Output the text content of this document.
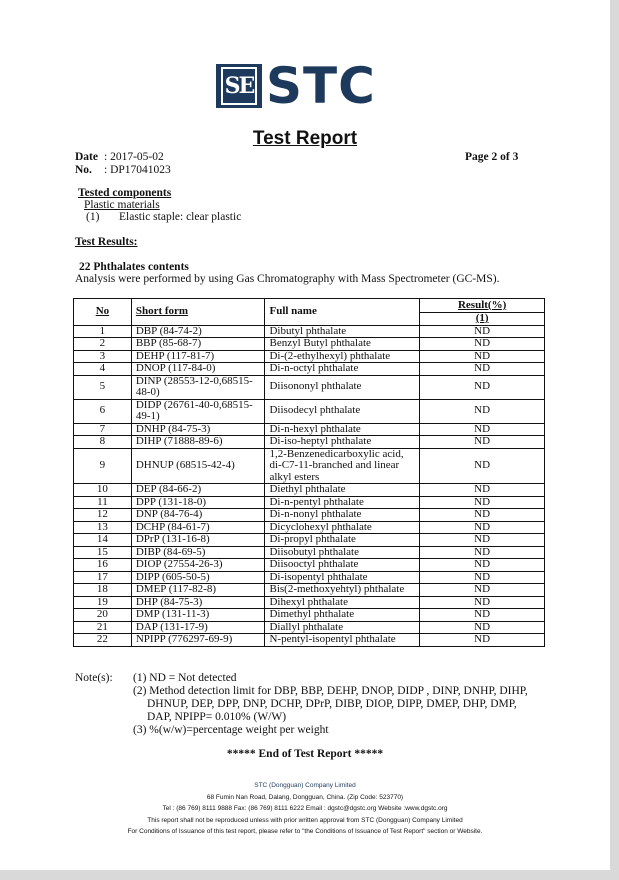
SE STC
Test Report
Date : 2017-05-02
No. : DP17041023
Page 2 of 3
Tested components
Plastic materials
(1) Elastic staple: clear plastic
Test Results:
22 Phthalates contents
Analysis were performed by using Gas Chromatography with Mass Spectrometer (GC-MS).
No	Short form	Full name	Result(%)
			(1)
1	DBP (84-74-2)	Dibutyl phthalate	ND
2	BBP (85-68-7)	Benzyl Butyl phthalate	ND
3	DEHP (117-81-7)	Di-(2-ethylhexyl) phthalate	ND
4	DNOP (117-84-0)	Di-n-octyl phthalate	ND
5	DINP (28553-12-0,68515-48-0)	Diisononyl phthalate	ND
6	DIDP (26761-40-0,68515-49-1)	Diisodecyl phthalate	ND
7	DNHP (84-75-3)	Di-n-hexyl phthalate	ND
8	DIHP (71888-89-6)	Di-iso-heptyl phthalate	ND
9	DHNUP (68515-42-4)	1,2-Benzenedicarboxylic acid, di-C7-11-branched and linear alkyl esters	ND
10	DEP (84-66-2)	Diethyl phthalate	ND
11	DPP (131-18-0)	Di-n-pentyl phthalate	ND
12	DNP (84-76-4)	Di-n-nonyl phthalate	ND
13	DCHP (84-61-7)	Dicyclohexyl phthalate	ND
14	DPrP (131-16-8)	Di-propyl phthalate	ND
15	DIBP (84-69-5)	Diisobutyl phthalate	ND
16	DIOP (27554-26-3)	Diisooctyl phthalate	ND
17	DIPP (605-50-5)	Di-isopentyl phthalate	ND
18	DMEP (117-82-8)	Bis(2-methoxyehtyl) phthalate	ND
19	DHP (84-75-3)	Dihexyl phthalate	ND
20	DMP (131-11-3)	Dimethyl phthalate	ND
21	DAP (131-17-9)	Diallyl phthalate	ND
22	NPIPP (776297-69-9)	N-pentyl-isopentyl phthalate	ND
Note(s): (1) ND = Not detected
(2) Method detection limit for DBP, BBP, DEHP, DNOP, DIDP , DINP, DNHP, DIHP,
DHNUP, DEP, DPP, DNP, DCHP, DPrP, DIBP, DIOP, DIPP, DMEP, DHP, DMP,
DAP, NPIPP= 0.010% (W/W)
(3) %(w/w)=percentage weight per weight
***** End of Test Report *****
STC (Dongguan) Company Limited
68 Fumin Nan Road, Dalang, Dongguan, China. (Zip Code: 523770)
Tel : (86 769) 8111 9888 Fax: (86 769) 8111 6222 Email : dgstc@dgstc.org Website :www.dgstc.org
This report shall not be reproduced unless with prior written approval from STC (Dongguan) Company Limited
For Conditions of Issuance of this test report, please refer to "the Conditions of Issuance of Test Report" section or Website.
